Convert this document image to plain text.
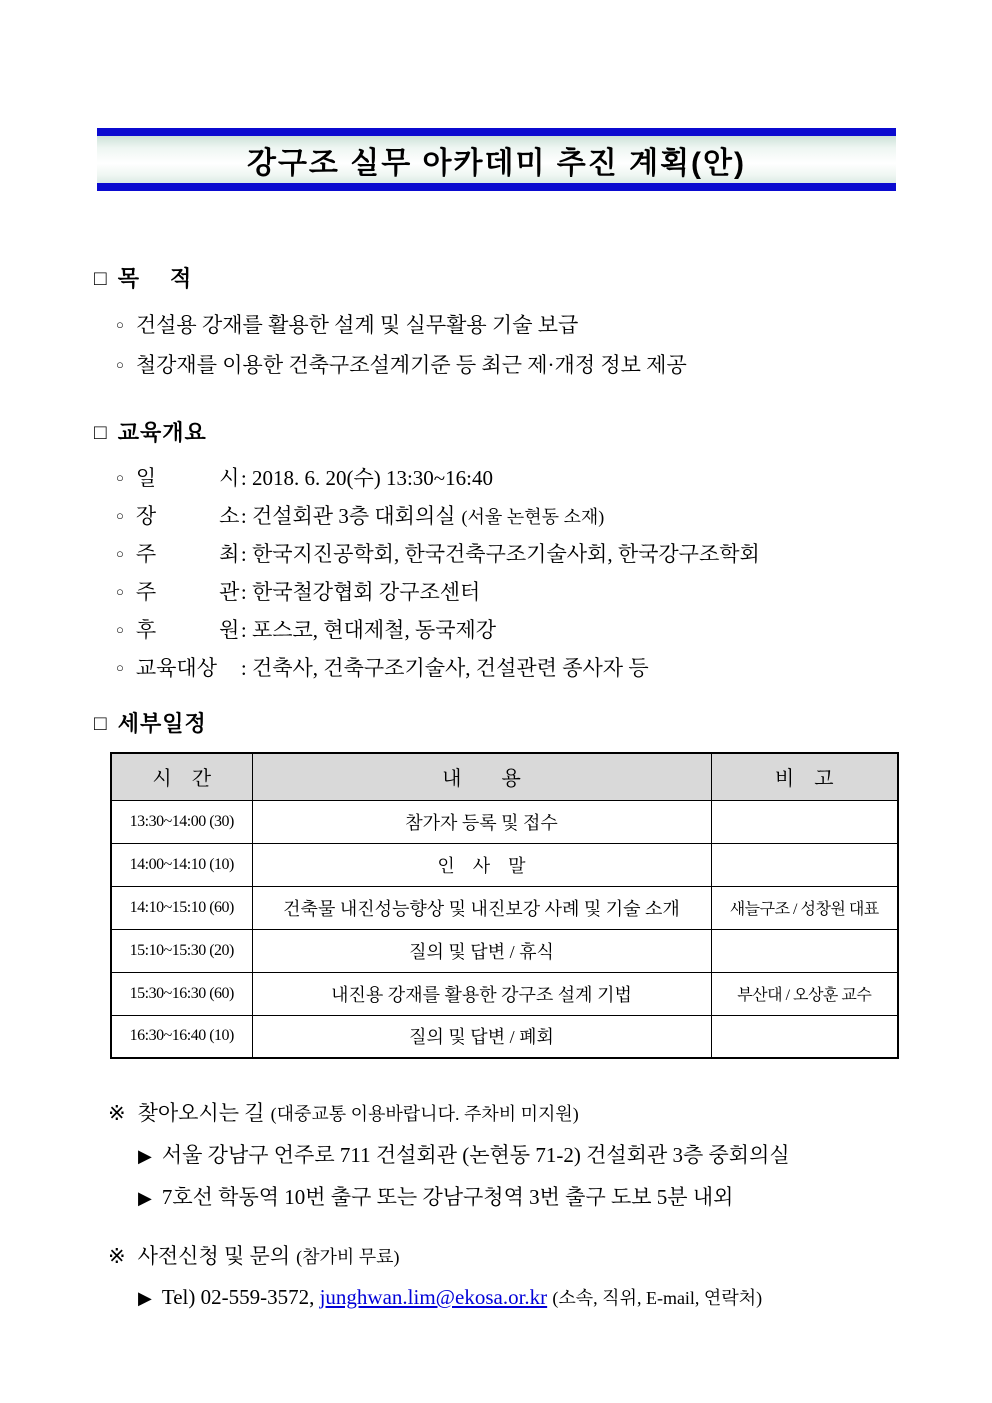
강구조 실무 아카데미 추진 계획(안)
□ 목　 적
○ 건설용 강재를 활용한 설계 및 실무활용 기술 보급
○ 철강재를 이용한 건축구조설계기준 등 최근 제·개정 정보 제공
□ 교육개요
○ 일　　　시: 2018. 6. 20(수) 13:30~16:40
○ 장　　　소: 건설회관 3층 대회의실 (서울 논현동 소재)
○ 주　　　최: 한국지진공학회, 한국건축구조기술사회, 한국강구조학회
○ 주　　　관: 한국철강협회 강구조센터
○ 후　　　원: 포스코, 현대제철, 동국제강
○ 교육대상 : 건축사, 건축구조기술사, 건설관련 종사자 등
□ 세부일정
시　간	내　　용	비　고
13:30~14:00 (30)	참가자 등록 및 접수	
14:00~14:10 (10)	인　사　말	
14:10~15:10 (60)	건축물 내진성능향상 및 내진보강 사례 및 기술 소개	새늘구조 / 성창원 대표
15:10~15:30 (20)	질의 및 답변 / 휴식	
15:30~16:30 (60)	내진용 강재를 활용한 강구조 설계 기법	부산대 / 오상훈 교수
16:30~16:40 (10)	질의 및 답변 / 폐회	
※ 찾아오시는 길 (대중교통 이용바랍니다. 주차비 미지원)
▶ 서울 강남구 언주로 711 건설회관 (논현동 71-2) 건설회관 3층 중회의실
▶ 7호선 학동역 10번 출구 또는 강남구청역 3번 출구 도보 5분 내외
※ 사전신청 및 문의 (참가비 무료)
▶ Tel) 02-559-3572, junghwan.lim@ekosa.or.kr (소속, 직위, E-mail, 연락처)
